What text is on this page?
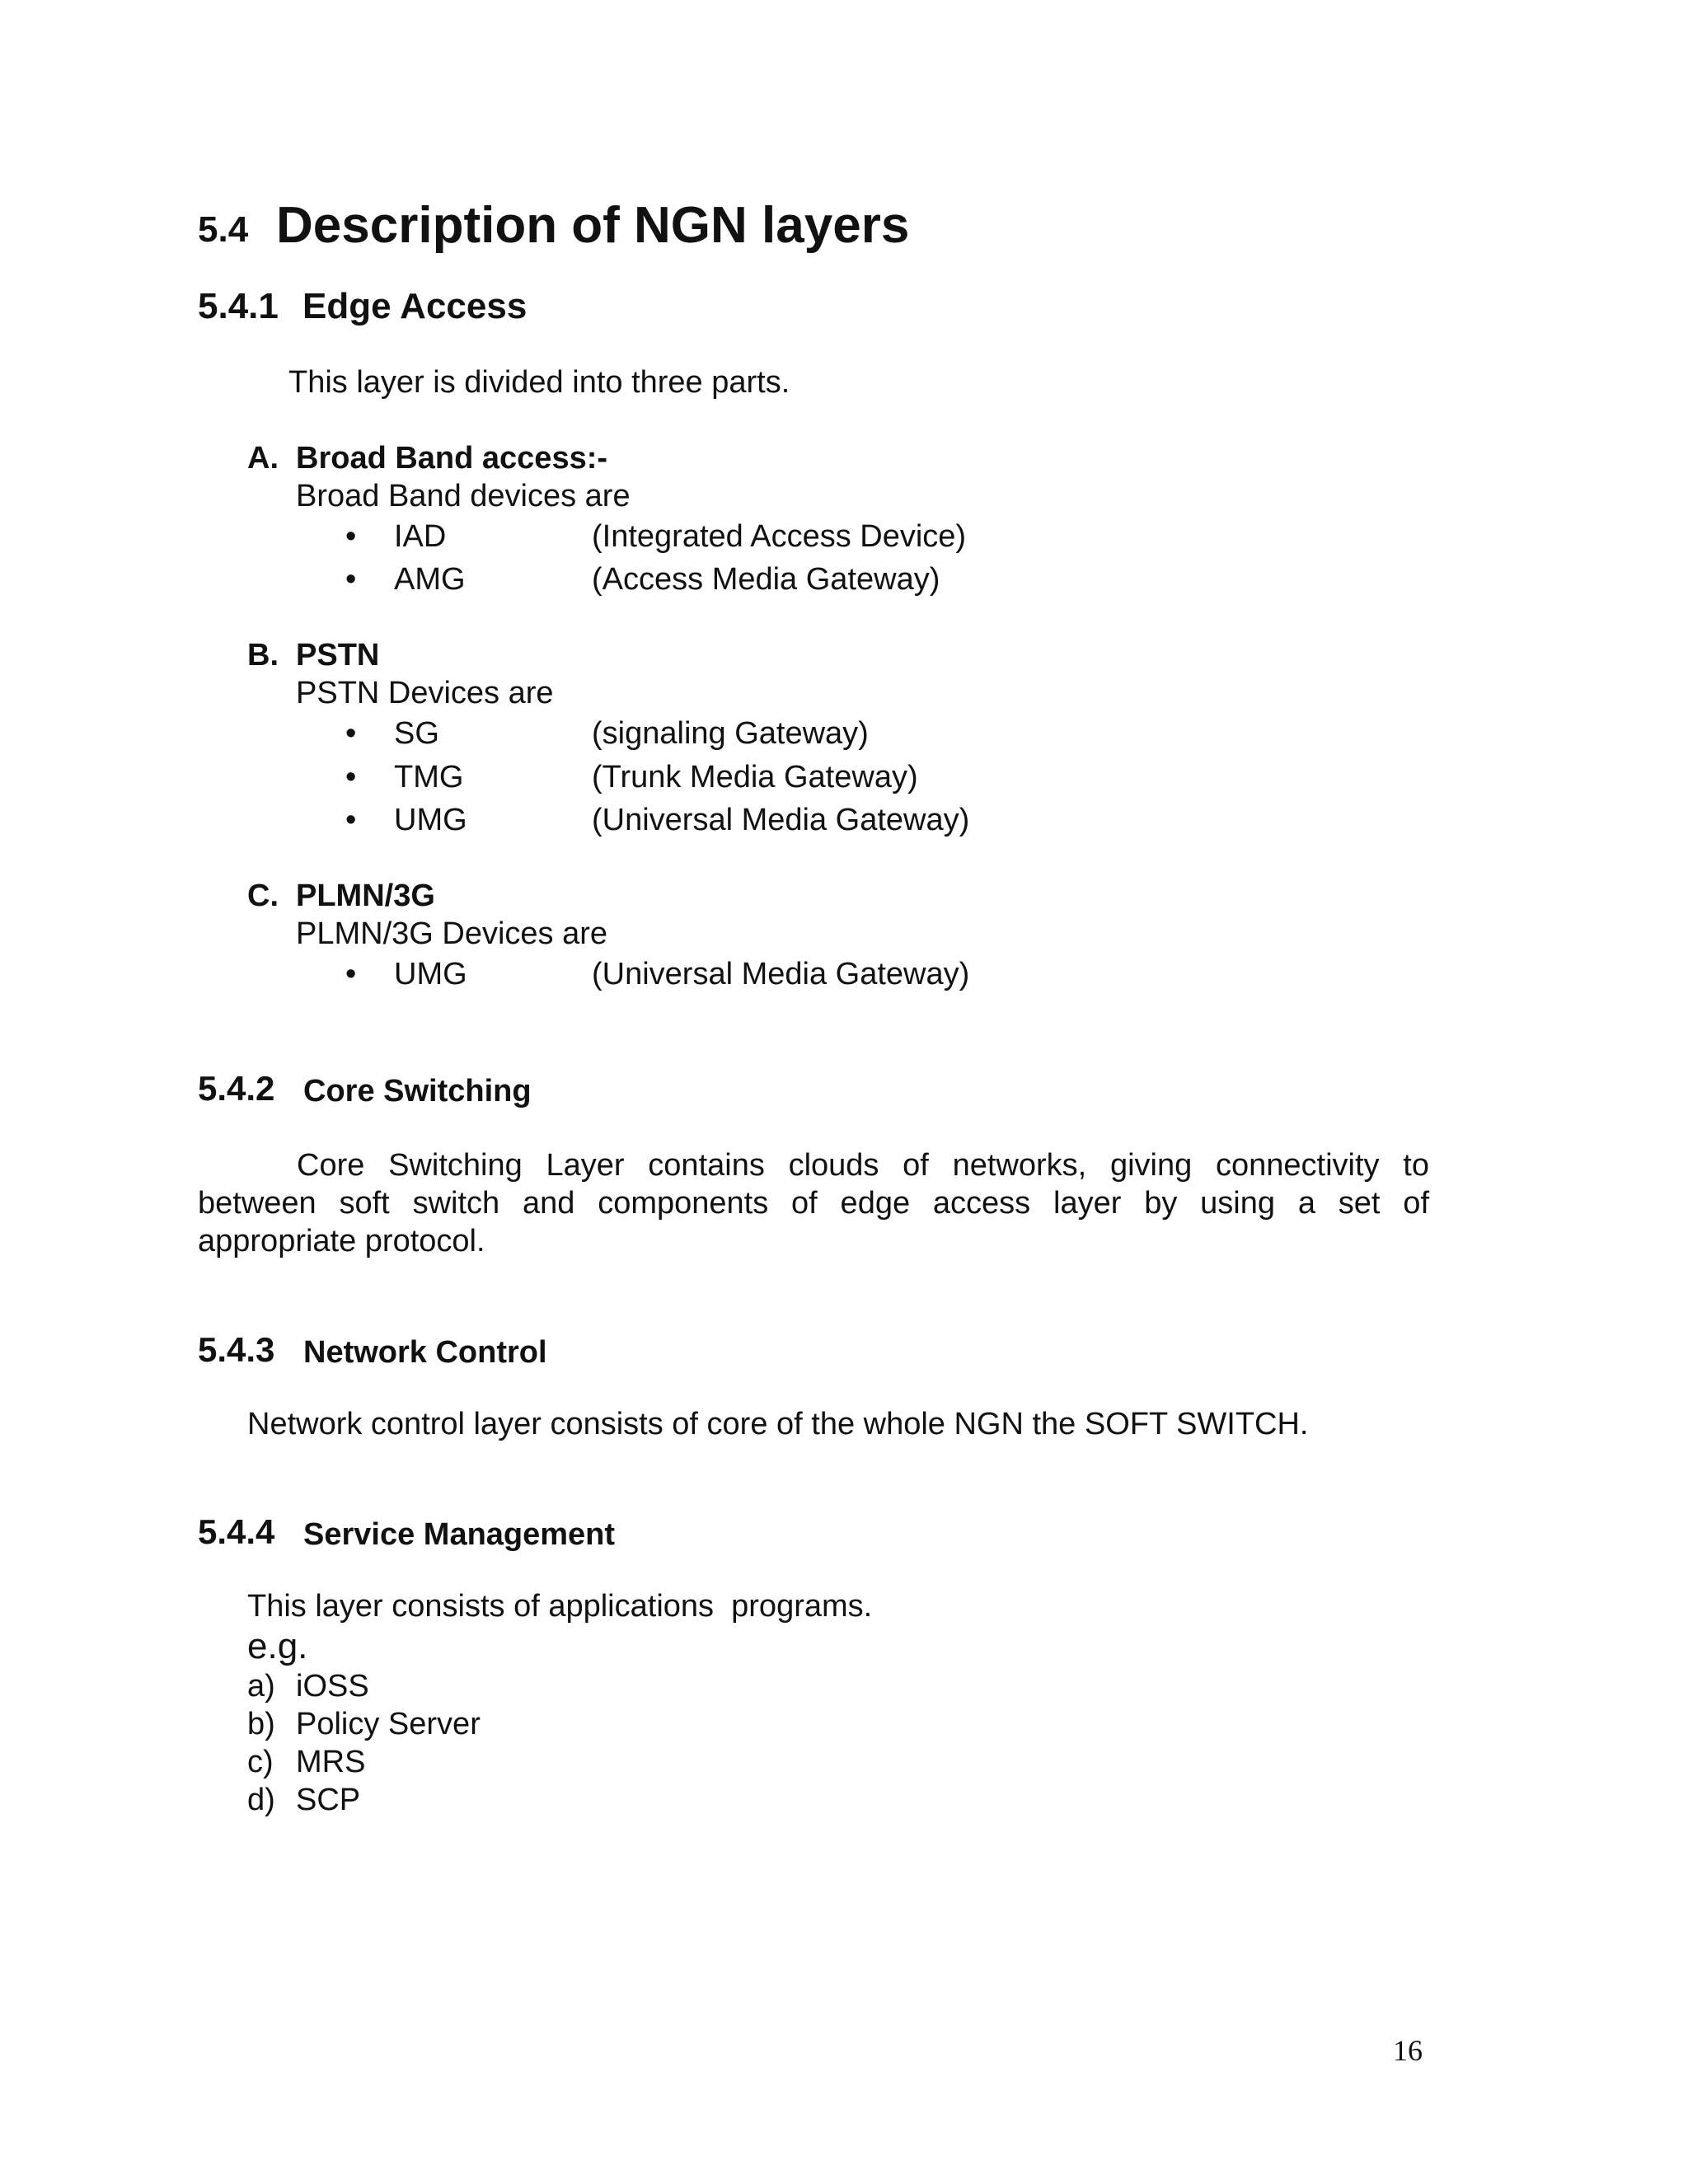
5.4 Description of NGN layers
5.4.1 Edge Access
This layer is divided into three parts.
A. Broad Band access:-
Broad Band devices are
• IAD	(Integrated Access Device)
• AMG	(Access Media Gateway)
B. PSTN
PSTN Devices are
• SG	(signaling Gateway)
• TMG	(Trunk Media Gateway)
• UMG	(Universal Media Gateway)
C. PLMN/3G
PLMN/3G Devices are
• UMG	(Universal Media Gateway)
5.4.2 Core Switching
Core Switching Layer contains clouds of networks, giving connectivity to
between soft switch and components of edge access layer by using a set of
appropriate protocol.
5.4.3 Network Control
Network control layer consists of core of the whole NGN the SOFT SWITCH.
5.4.4 Service Management
This layer consists of applications  programs.
e.g.
a) iOSS
b) Policy Server
c) MRS
d) SCP
16
